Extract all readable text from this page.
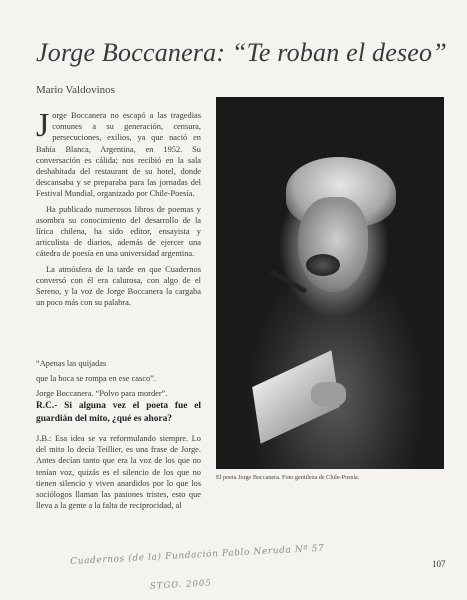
Jorge Boccanera: “Te roban el deseo”
Mario Valdovinos

Jorge Boccanera no escapó a las tragedias comunes a su generación, censura, persecuciones, exilios, ya que nació en Bahía Blanca, Argentina, en 1952. Su conversación es cálida; nos recibió en la sala deshabitada del restaurant de su hotel, donde descansaba y se preparaba para las jornadas del Festival Mundial, organizado por Chile-Poesía.

Ha publicado numerosos libros de poemas y asombra su conocimiento del desarrollo de la lírica chilena, ha sido editor, ensayista y articulista de diarios, además de ejercer una cátedra de poesía en una universidad argentina.

La atmósfera de la tarde en que Cuadernos conversó con él era calurosa, con algo de el Sereno, y la voz de Jorge Boccanera la cargaba un poco más con su palabra.

“Apenas las quijadas

que la boca se rompa en ese casco”.

Jorge Boccanera. “Polvo para morder”.

R.C.- Si alguna vez el poeta fue el guardián del mito, ¿qué es ahora?

J.B.: Esa idea se va reformulando siempre. Lo del mito lo decía Teillier, es una frase de Jorge. Antes decían tanto que era la voz de los que no tenían voz, quizás es el silencio de los que no tienen silencio y viven anardidos por lo que los sociólogos llaman las pasiones tristes, esto que lleva a la gente a la falta de reciprocidad, al

El poeta Jorge Boccanera. Foto gentileza de Chile-Poesía.
Cuadernos (de la) Fundación Pablo Neruda Nº 57
STGO. 2005
107
